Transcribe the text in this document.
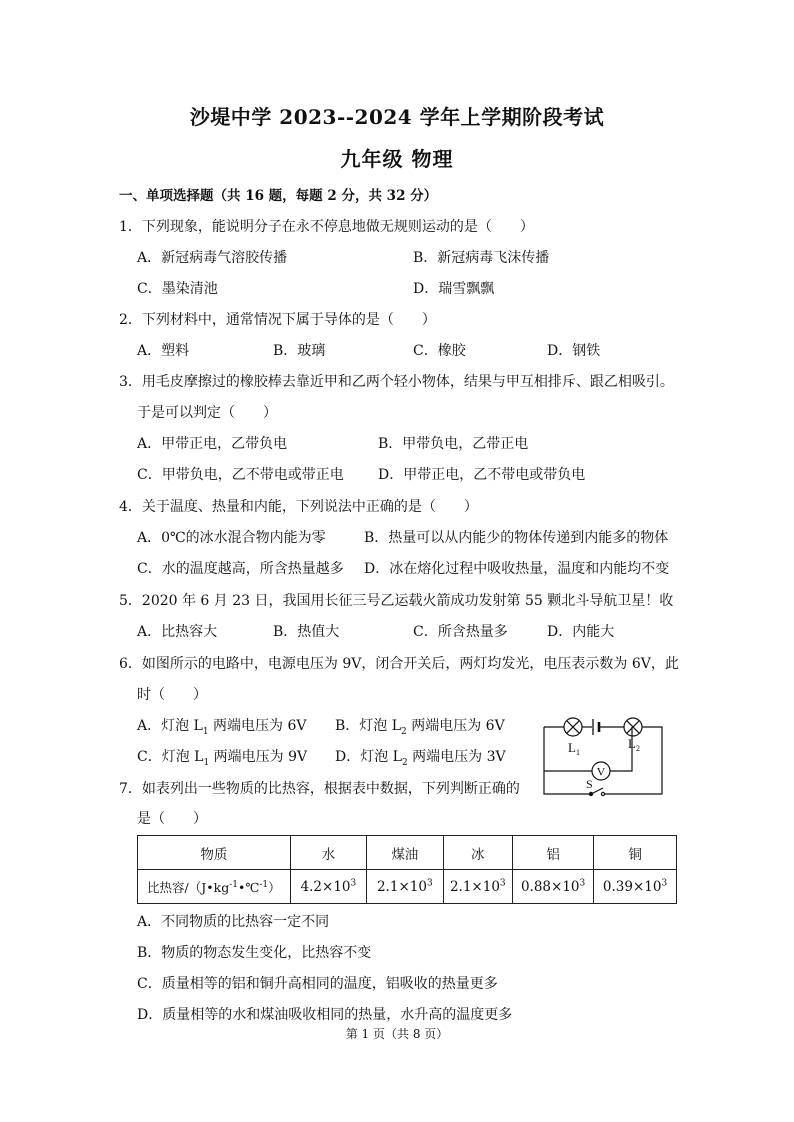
沙堤中学 2023--2024 学年上学期阶段考试
九年级 物理
一、单项选择题（共 16 题，每题 2 分，共 32 分）
1．下列现象，能说明分子在永不停息地做无规则运动的是（　　）
A．新冠病毒气溶胶传播	B．新冠病毒飞沫传播
C．墨染清池	D．瑞雪飘飘
2．下列材料中，通常情况下属于导体的是（　　）
A．塑料	B．玻璃	C．橡胶	D．钢铁
3．用毛皮摩擦过的橡胶棒去靠近甲和乙两个轻小物体，结果与甲互相排斥、跟乙相吸引。
于是可以判定（　　）
A．甲带正电，乙带负电	B．甲带负电，乙带正电
C．甲带负电，乙不带电或带正电 D．甲带正电，乙不带电或带负电
4．关于温度、热量和内能，下列说法中正确的是（　　）
A．0℃的冰水混合物内能为零	B．热量可以从内能少的物体传递到内能多的物体
C．水的温度越高，所含热量越多 D．冰在熔化过程中吸收热量，温度和内能均不变
5．2020 年 6 月 23 日，我国用长征三号乙运载火箭成功发射第 55 颗北斗导航卫星！收
A．比热容大	B．热值大	C．所含热量多	D．内能大
6．如图所示的电路中，电源电压为 9V，闭合开关后，两灯均发光，电压表示数为 6V，此
时（　　）
A．灯泡 $L_1$ 两端电压为 6V B．灯泡 $L_2$ 两端电压为 6V
C．灯泡 $L_1$ 两端电压为 9V D．灯泡 $L_2$ 两端电压为 3V
V
$L_1$
$L_2$
S
7．如表列出一些物质的比热容，根据表中数据，下列判断正确的
是（　　）
物质	水	煤油	冰	铝	铜
比热容$/(J•kg^{-1}•℃^{-1})$	$4.2\times 10^3$	$2.1\times 10^3$	$2.1\times 10^3$	$0.88\times 10^3$	$0.39\times 10^3$
A．不同物质的比热容一定不同
B．物质的物态发生变化，比热容不变
C．质量相等的铝和铜升高相同的温度，铝吸收的热量更多
D．质量相等的水和煤油吸收相同的热量，水升高的温度更多
第 1 页（共 8 页）
